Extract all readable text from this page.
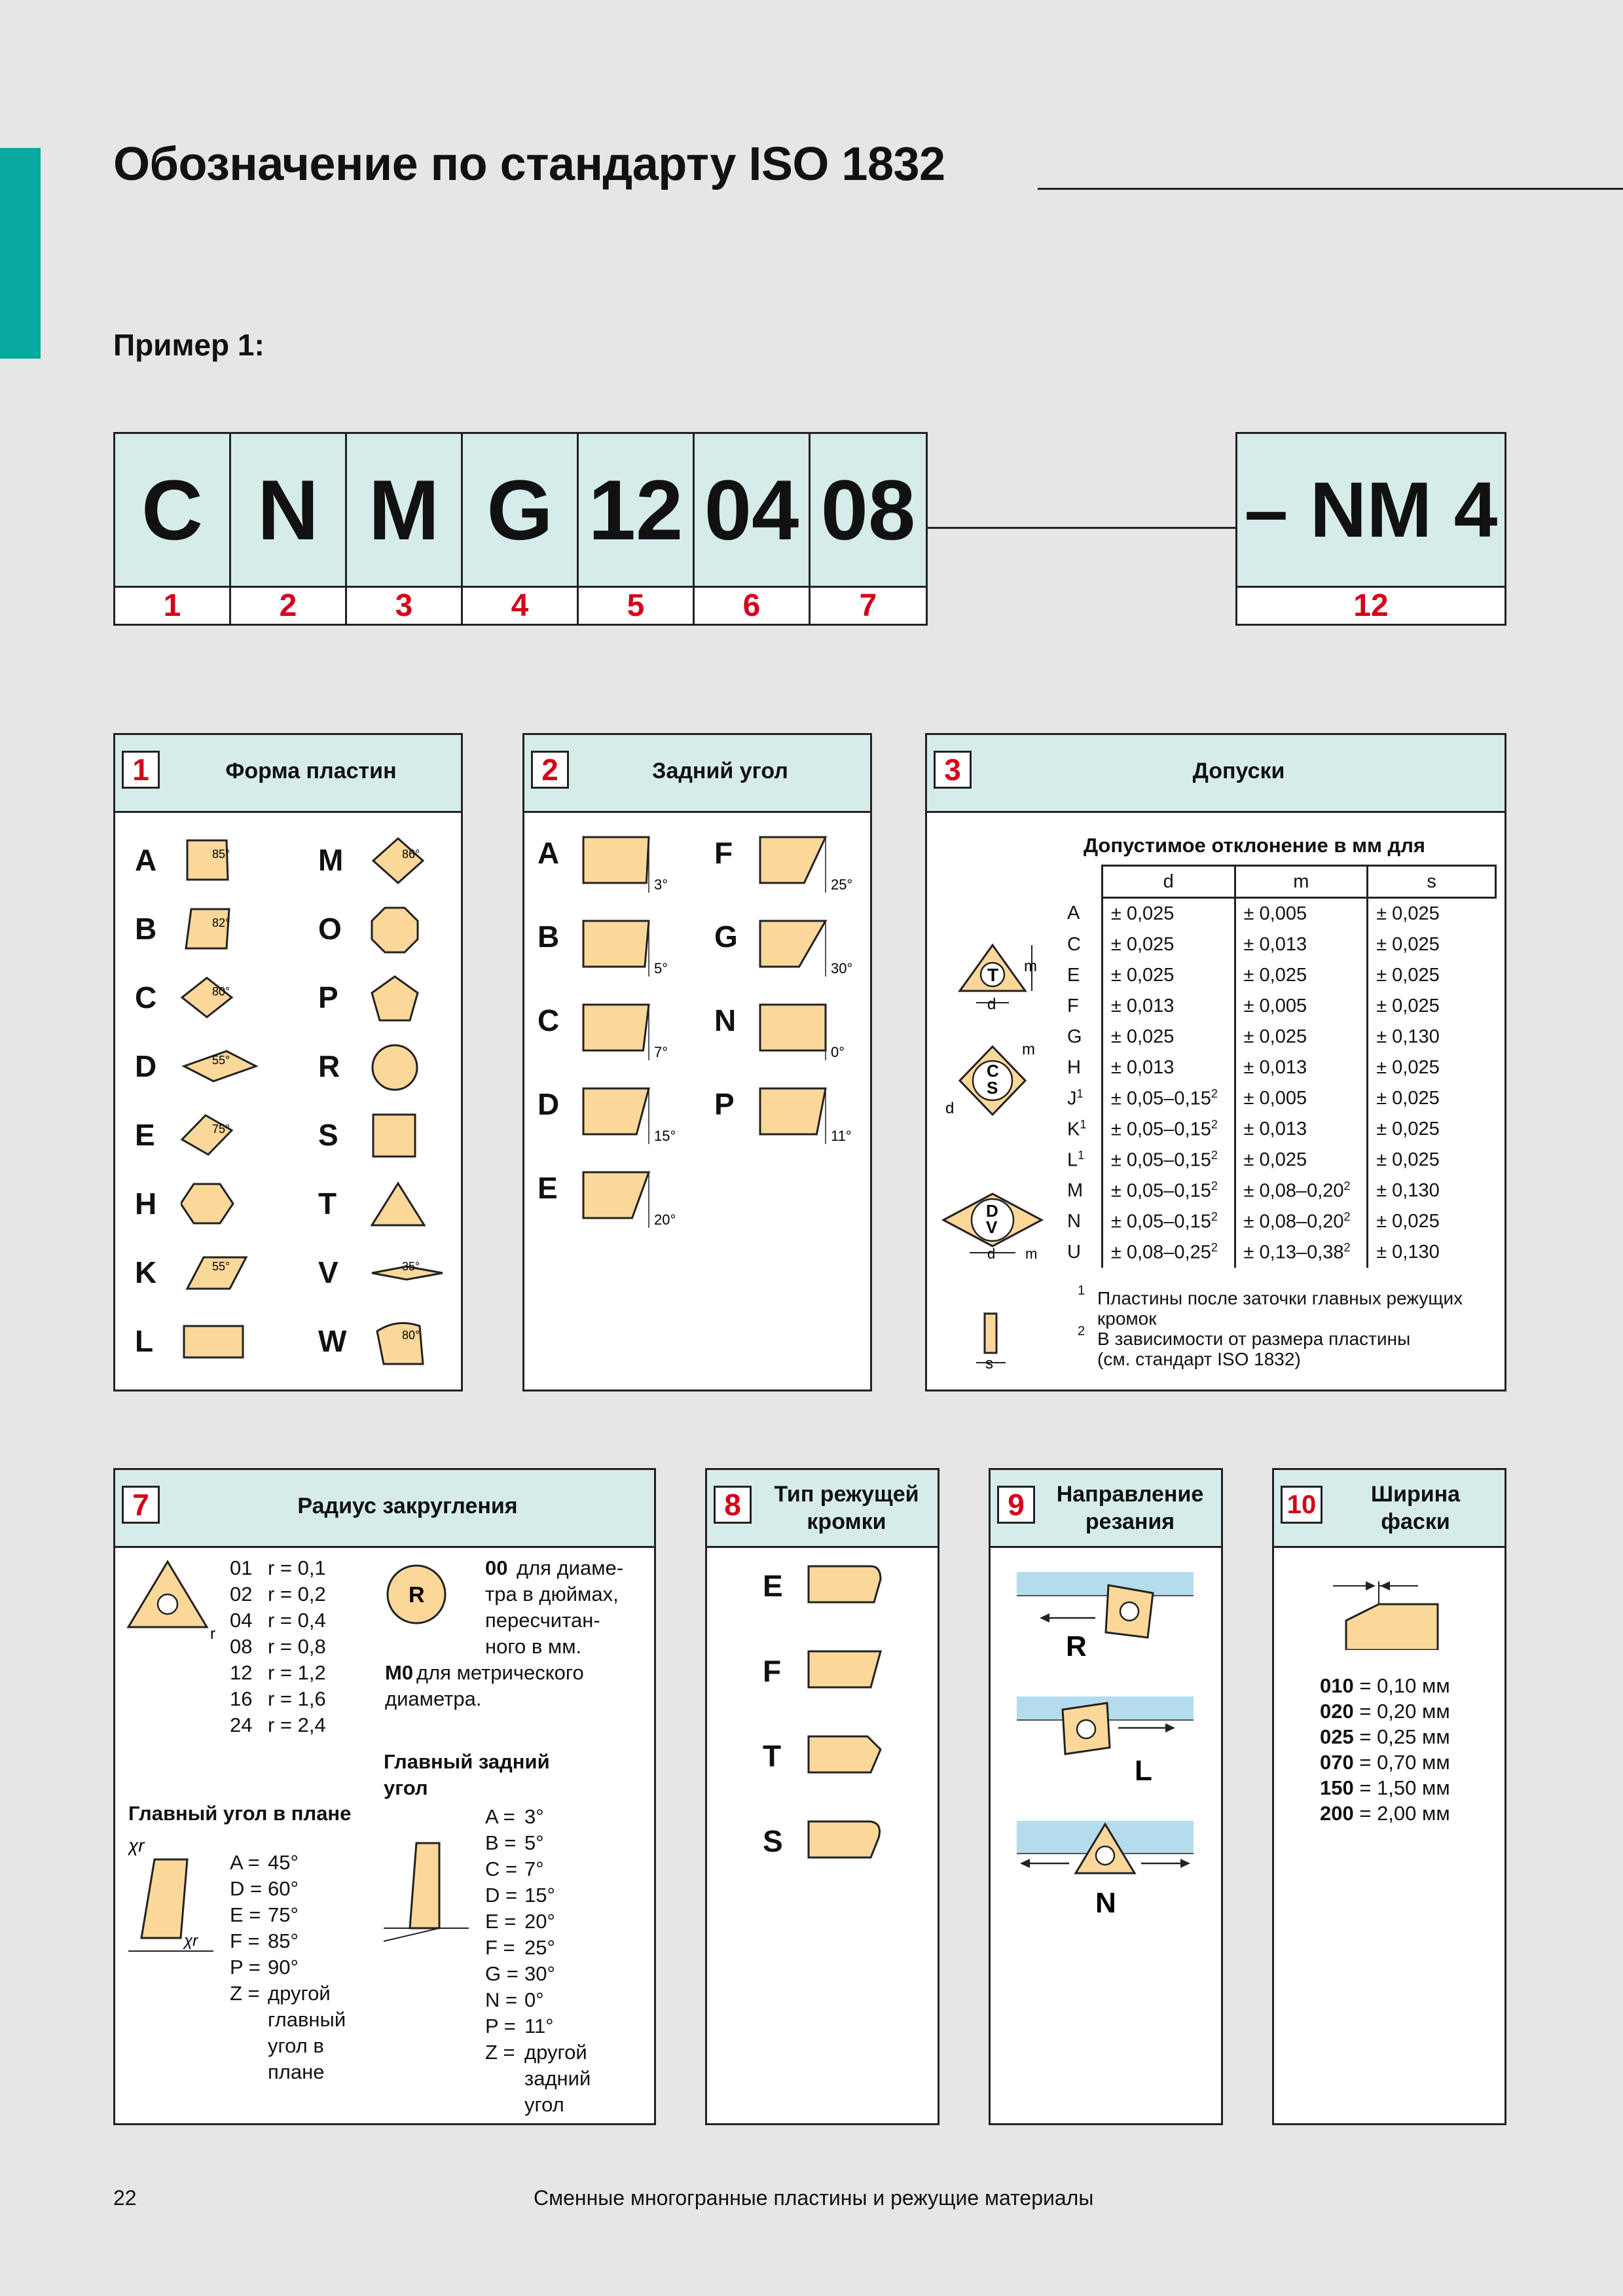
Обозначение по стандарту ISO 1832
Пример 1:
C N M G 12 04 08
1	2	3	4	5	6	7
– NM 4
12
1	Форма пластин
A	85°
B	82°
C	80°
D	55°
E	75°
H
K	55°
L
M	86°
O
P
R
S
T
V	35°
W	80°
2	Задний угол
A
3°
B
5°
C
7°
D
15°
E
20°
F
25°
G
30°
N
0°
P
11°
3	Допуски
Допустимое отклонение в мм для
T m
d
C
S
m
d
D
V
d m
s
	d	m	s
A	± 0,025	± 0,005	± 0,025
C	± 0,025	± 0,013	± 0,025
E	± 0,025	± 0,025	± 0,025
F	± 0,013	± 0,005	± 0,025
G	± 0,025	± 0,025	± 0,130
H	± 0,013	± 0,013	± 0,025
$J^1$	± $0,05-0,15^2$	± 0,005	± 0,025
$K^1$	± $0,05-0,15^2$	± 0,013	± 0,025
$L^1$	± $0,05-0,15^2$	± 0,025	± 0,025
M	± $0,05-0,15^2$	± $0,08-0,20^2$	± 0,130
N	± $0,05-0,15^2$	± $0,08-0,20^2$	± 0,025
U	± $0,08-0,25^2$	± $0,13-0,38^2$	± 0,130
1 Пластины после заточки главных режущих
кромок
2 В зависимости от размера пластины
(см. стандарт ISO 1832)
7	Радиус закругления
r
R
00 для диаме-
тра в дюймах,
пересчитан-
ного в мм.
M0 для метрического
диаметра.
Главный угол в плане
χr
χr
Главный задний
угол
01 r = 0,1
02 r = 0,2
04 r = 0,4
08 r = 0,8
12 r = 1,2
16 r = 1,6
24 r = 2,4
A = 45°
D = 60°
E = 75°
F = 85°
P = 90°
Z = другой
главный
угол в
плане
A = 3°
B = 5°
C = 7°
D = 15°
E = 20°
F = 25°
G = 30°
N = 0°
P = 11°
Z = другой
задний
угол
8	Тип режущей
кромки
E
F
T
S
9	Направление
резания
R
L
N
10	Ширина
фаски
010 = 0,10 мм
020 = 0,20 мм
025 = 0,25 мм
070 = 0,70 мм
150 = 1,50 мм
200 = 2,00 мм
22	Сменные многогранные пластины и режущие материалы
